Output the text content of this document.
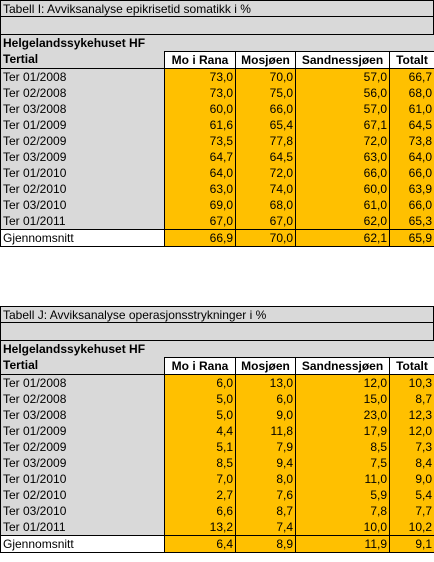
Tabell I: Avviksanalyse epikrisetid somatikk i %
Helgelandssykehuset HF				
Tertial	Mo i Rana	Mosjøen	Sandnessjøen	Totalt
Ter 01/2008	73,0	70,0	57,0	66,7
Ter 02/2008	73,0	75,0	56,0	68,0
Ter 03/2008	60,0	66,0	57,0	61,0
Ter 01/2009	61,6	65,4	67,1	64,5
Ter 02/2009	73,5	77,8	72,0	73,8
Ter 03/2009	64,7	64,5	63,0	64,0
Ter 01/2010	64,0	72,0	66,0	66,0
Ter 02/2010	63,0	74,0	60,0	63,9
Ter 03/2010	69,0	68,0	61,0	66,0
Ter 01/2011	67,0	67,0	62,0	65,3
Gjennomsnitt	66,9	70,0	62,1	65,9
Tabell J: Avviksanalyse operasjonsstrykninger i %
Helgelandssykehuset HF				
Tertial	Mo i Rana	Mosjøen	Sandnessjøen	Totalt
Ter 01/2008	6,0	13,0	12,0	10,3
Ter 02/2008	5,0	6,0	15,0	8,7
Ter 03/2008	5,0	9,0	23,0	12,3
Ter 01/2009	4,4	11,8	17,9	12,0
Ter 02/2009	5,1	7,9	8,5	7,3
Ter 03/2009	8,5	9,4	7,5	8,4
Ter 01/2010	7,0	8,0	11,0	9,0
Ter 02/2010	2,7	7,6	5,9	5,4
Ter 03/2010	6,6	8,7	7,8	7,7
Ter 01/2011	13,2	7,4	10,0	10,2
Gjennomsnitt	6,4	8,9	11,9	9,1
